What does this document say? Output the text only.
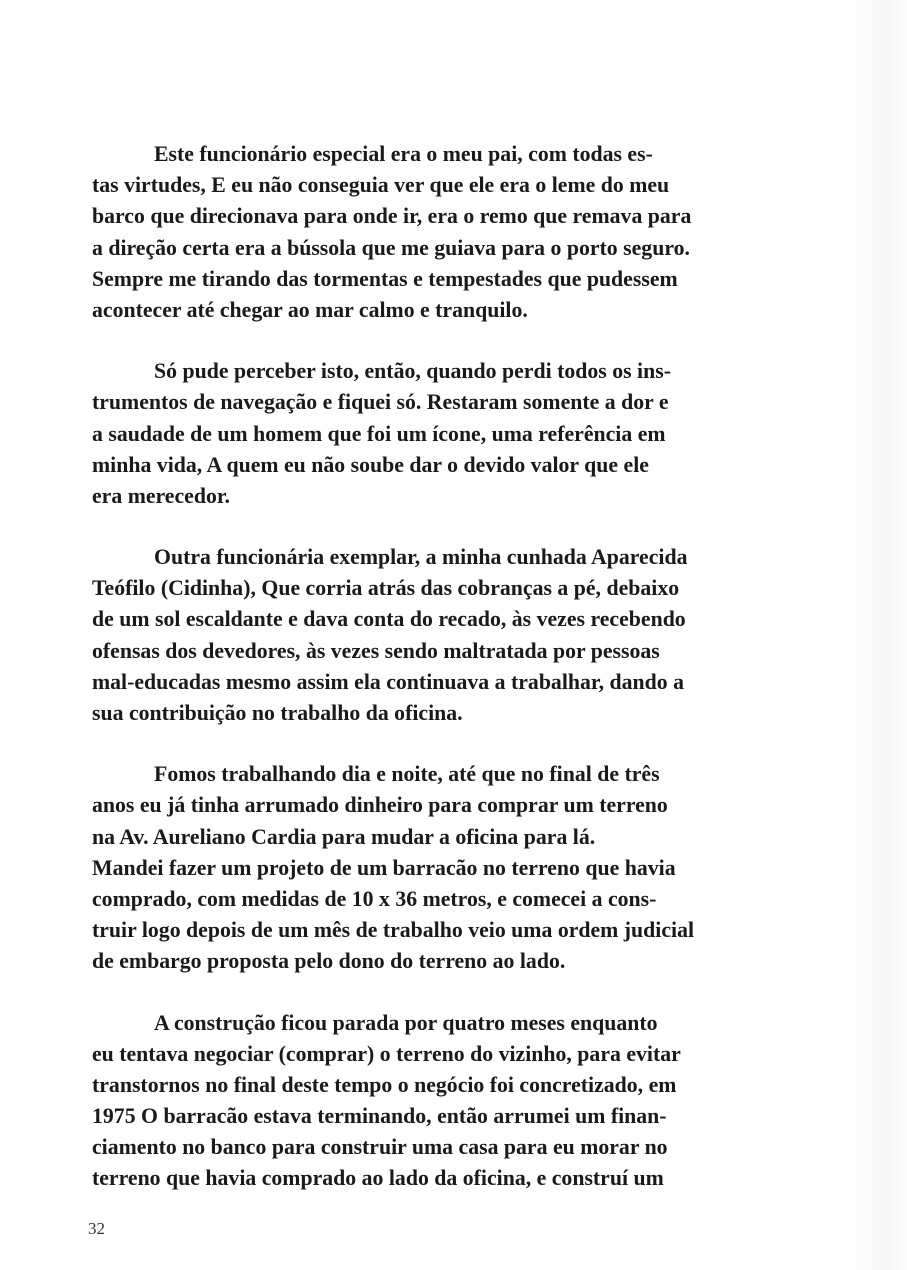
Este funcionário especial era o meu pai, com todas es-
tas virtudes, E eu não conseguia ver que ele era o leme do meu
barco que direcionava para onde ir, era o remo que remava para
a direção certa era a bússola que me guiava para o porto seguro.
Sempre me tirando das tormentas e tempestades que pudessem
acontecer até chegar ao mar calmo e tranquilo.

Só pude perceber isto, então, quando perdi todos os ins-
trumentos de navegação e fiquei só. Restaram somente a dor e
a saudade de um homem que foi um ícone, uma referência em
minha vida, A quem eu não soube dar o devido valor que ele
era merecedor.

Outra funcionária exemplar, a minha cunhada Aparecida
Teófilo (Cidinha), Que corria atrás das cobranças a pé, debaixo
de um sol escaldante e dava conta do recado, às vezes recebendo
ofensas dos devedores, às vezes sendo maltratada por pessoas
mal-educadas mesmo assim ela continuava a trabalhar, dando a
sua contribuição no trabalho da oficina.

Fomos trabalhando dia e noite, até que no final de três
anos eu já tinha arrumado dinheiro para comprar um terreno
na Av. Aureliano Cardia para mudar a oficina para lá.
Mandei fazer um projeto de um barracão no terreno que havia
comprado, com medidas de 10 x 36 metros, e comecei a cons-
truir logo depois de um mês de trabalho veio uma ordem judicial
de embargo proposta pelo dono do terreno ao lado.

A construção ficou parada por quatro meses enquanto
eu tentava negociar (comprar) o terreno do vizinho, para evitar
transtornos no final deste tempo o negócio foi concretizado, em
1975 O barracão estava terminando, então arrumei um finan-
ciamento no banco para construir uma casa para eu morar no
terreno que havia comprado ao lado da oficina, e construí um

32
